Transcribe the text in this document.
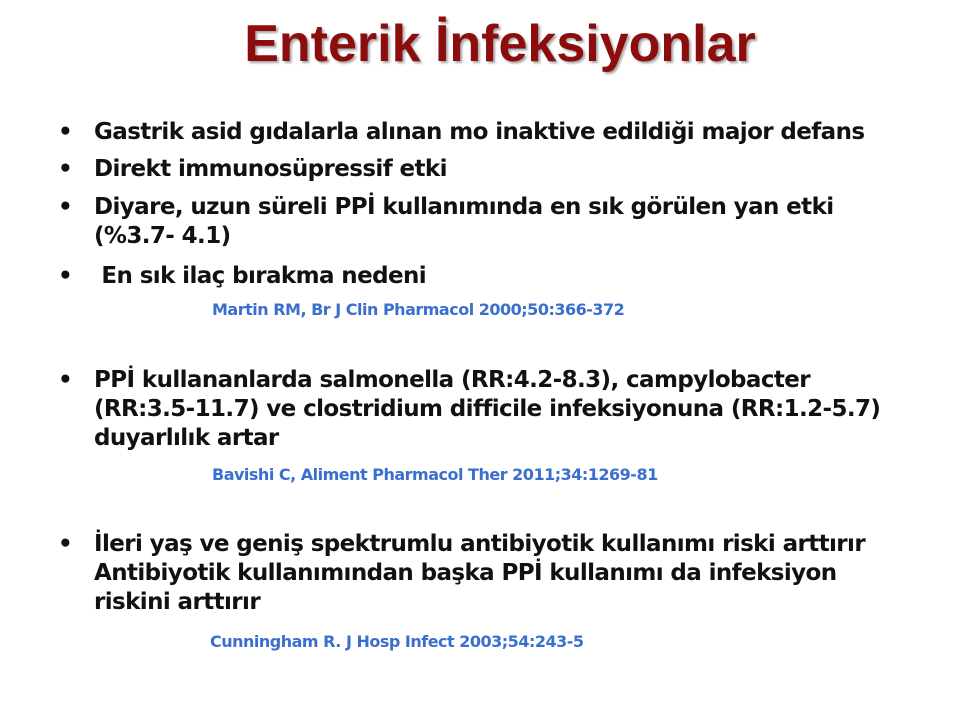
Enterik İnfeksiyonlar
• Gastrik asid gıdalarla alınan mo inaktive edildiği major defans
• Direkt immunosüpressif etki
• Diyare, uzun süreli PPİ kullanımında en sık görülen yan etki (%3.7- 4.1)
• En sık ilaç bırakma nedeni
Martin RM, Br J Clin Pharmacol 2000;50:366-372
• PPİ kullananlarda salmonella (RR:4.2-8.3), campylobacter (RR:3.5-11.7) ve clostridium difficile infeksiyonuna (RR:1.2-5.7) duyarlılık artar
Bavishi C, Aliment Pharmacol Ther 2011;34:1269-81
• İleri yaş ve geniş spektrumlu antibiyotik kullanımı riski arttırır Antibiyotik kullanımından başka PPİ kullanımı da infeksiyon riskini arttırır
Cunningham R. J Hosp Infect 2003;54:243-5
